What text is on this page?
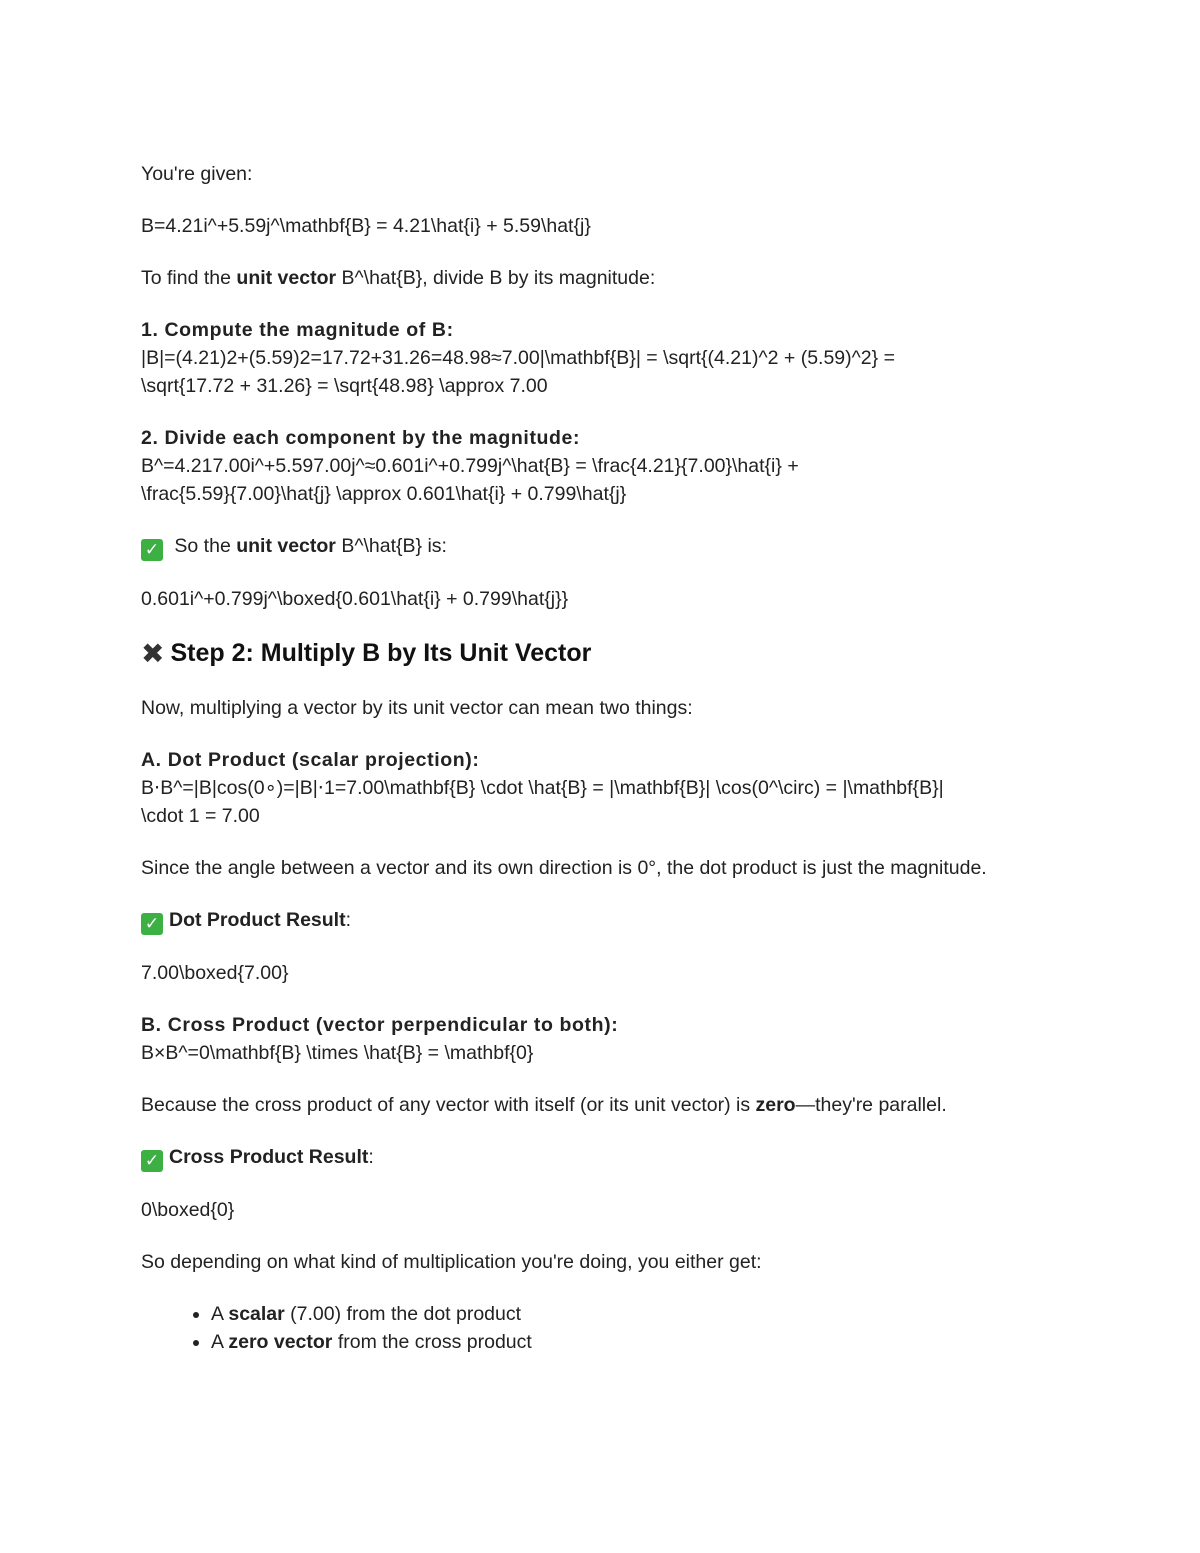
You're given:

B=4.21i^+5.59j^\mathbf{B} = 4.21\hat{i} + 5.59\hat{j}

To find the unit vector B^\hat{B}, divide B by its magnitude:

1. Compute the magnitude of B:

|B|=(4.21)2+(5.59)2=17.72+31.26=48.98≈7.00|\mathbf{B}| = \sqrt{(4.21)^2 + (5.59)^2} =

\sqrt{17.72 + 31.26} = \sqrt{48.98} \approx 7.00

2. Divide each component by the magnitude:

B^=4.217.00i^+5.597.00j^≈0.601i^+0.799j^\hat{B} = \frac{4.21}{7.00}\hat{i} +

\frac{5.59}{7.00}\hat{j} \approx 0.601\hat{i} + 0.799\hat{j}

✓ So the unit vector B^\hat{B} is:

0.601i^+0.799j^\boxed{0.601\hat{i} + 0.799\hat{j}}

✖ Step 2: Multiply B by Its Unit Vector

Now, multiplying a vector by its unit vector can mean two things:

A. Dot Product (scalar projection):

B⋅B^=|B|cos(0∘)=|B|⋅1=7.00\mathbf{B} \cdot \hat{B} = |\mathbf{B}| \cos(0^\circ) = |\mathbf{B}|

\cdot 1 = 7.00

Since the angle between a vector and its own direction is 0°, the dot product is just the magnitude.

✓ Dot Product Result:

7.00\boxed{7.00}

B. Cross Product (vector perpendicular to both):

B×B^=0\mathbf{B} \times \hat{B} = \mathbf{0}

Because the cross product of any vector with itself (or its unit vector) is zero—they're parallel.

✓ Cross Product Result:

0\boxed{0}

So depending on what kind of multiplication you're doing, you either get:

• A scalar (7.00) from the dot product
• A zero vector from the cross product
